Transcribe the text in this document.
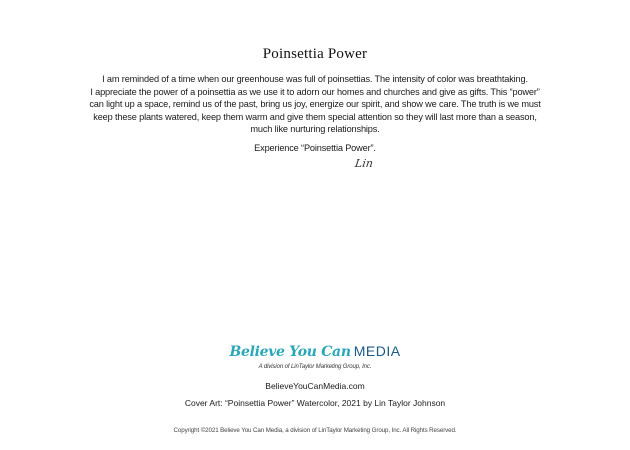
Poinsettia Power
I am reminded of a time when our greenhouse was full of poinsettias. The intensity of color was breathtaking.
I appreciate the power of a poinsettia as we use it to adorn our homes and churches and give as gifts. This “power”
can light up a space, remind us of the past, bring us joy, energize our spirit, and show we care. The truth is we must
keep these plants watered, keep them warm and give them special attention so they will last more than a season,
much like nurturing relationships.
Experience “Poinsettia Power”.
Lin
Believe You Can MEDIA
A division of LinTaylor Marketing Group, Inc.
BelieveYouCanMedia.com
Cover Art: “Poinsettia Power” Watercolor, 2021 by Lin Taylor Johnson
Copyright ©2021 Believe You Can Media, a division of LinTaylor Marketing Group, Inc. All Rights Reserved.
